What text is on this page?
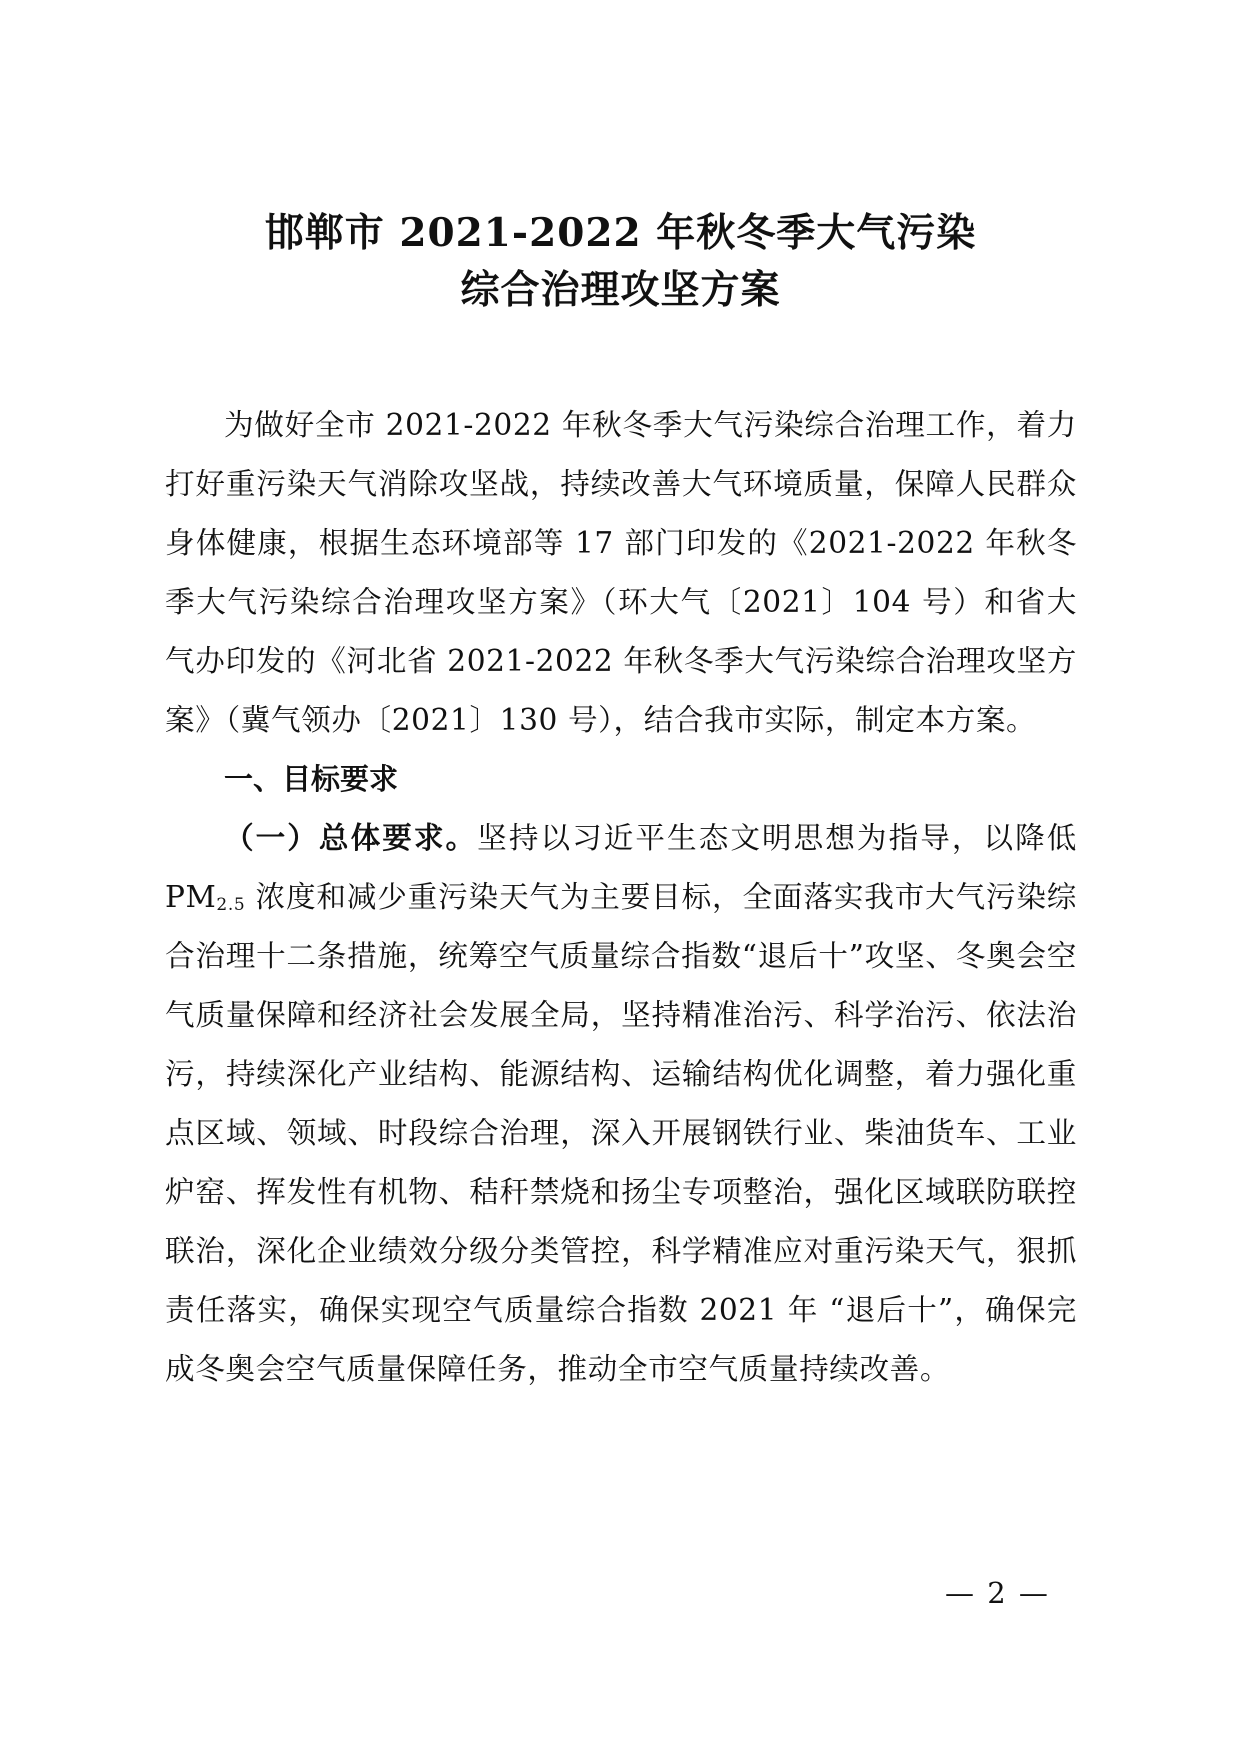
邯郸市 2021-2022 年秋冬季大气污染
综合治理攻坚方案

为做好全市 2021-2022 年秋冬季大气污染综合治理工作，着力打好重污染天气消除攻坚战，持续改善大气环境质量，保障人民群众身体健康，根据生态环境部等 17 部门印发的《2021-2022 年秋冬季大气污染综合治理攻坚方案》（环大气〔2021〕104 号）和省大气办印发的《河北省 2021-2022 年秋冬季大气污染综合治理攻坚方案》（冀气领办〔2021〕130 号），结合我市实际，制定本方案。

一、目标要求

（一）总体要求。坚持以习近平生态文明思想为指导，以降低 PM2.5 浓度和减少重污染天气为主要目标，全面落实我市大气污染综合治理十二条措施，统筹空气质量综合指数“退后十”攻坚、冬奥会空气质量保障和经济社会发展全局，坚持精准治污、科学治污、依法治污，持续深化产业结构、能源结构、运输结构优化调整，着力强化重点区域、领域、时段综合治理，深入开展钢铁行业、柴油货车、工业炉窑、挥发性有机物、秸秆禁烧和扬尘专项整治，强化区域联防联控联治，深化企业绩效分级分类管控，科学精准应对重污染天气，狠抓责任落实，确保实现空气质量综合指数 2021 年 “退后十”，确保完成冬奥会空气质量保障任务，推动全市空气质量持续改善。

— 2 —
